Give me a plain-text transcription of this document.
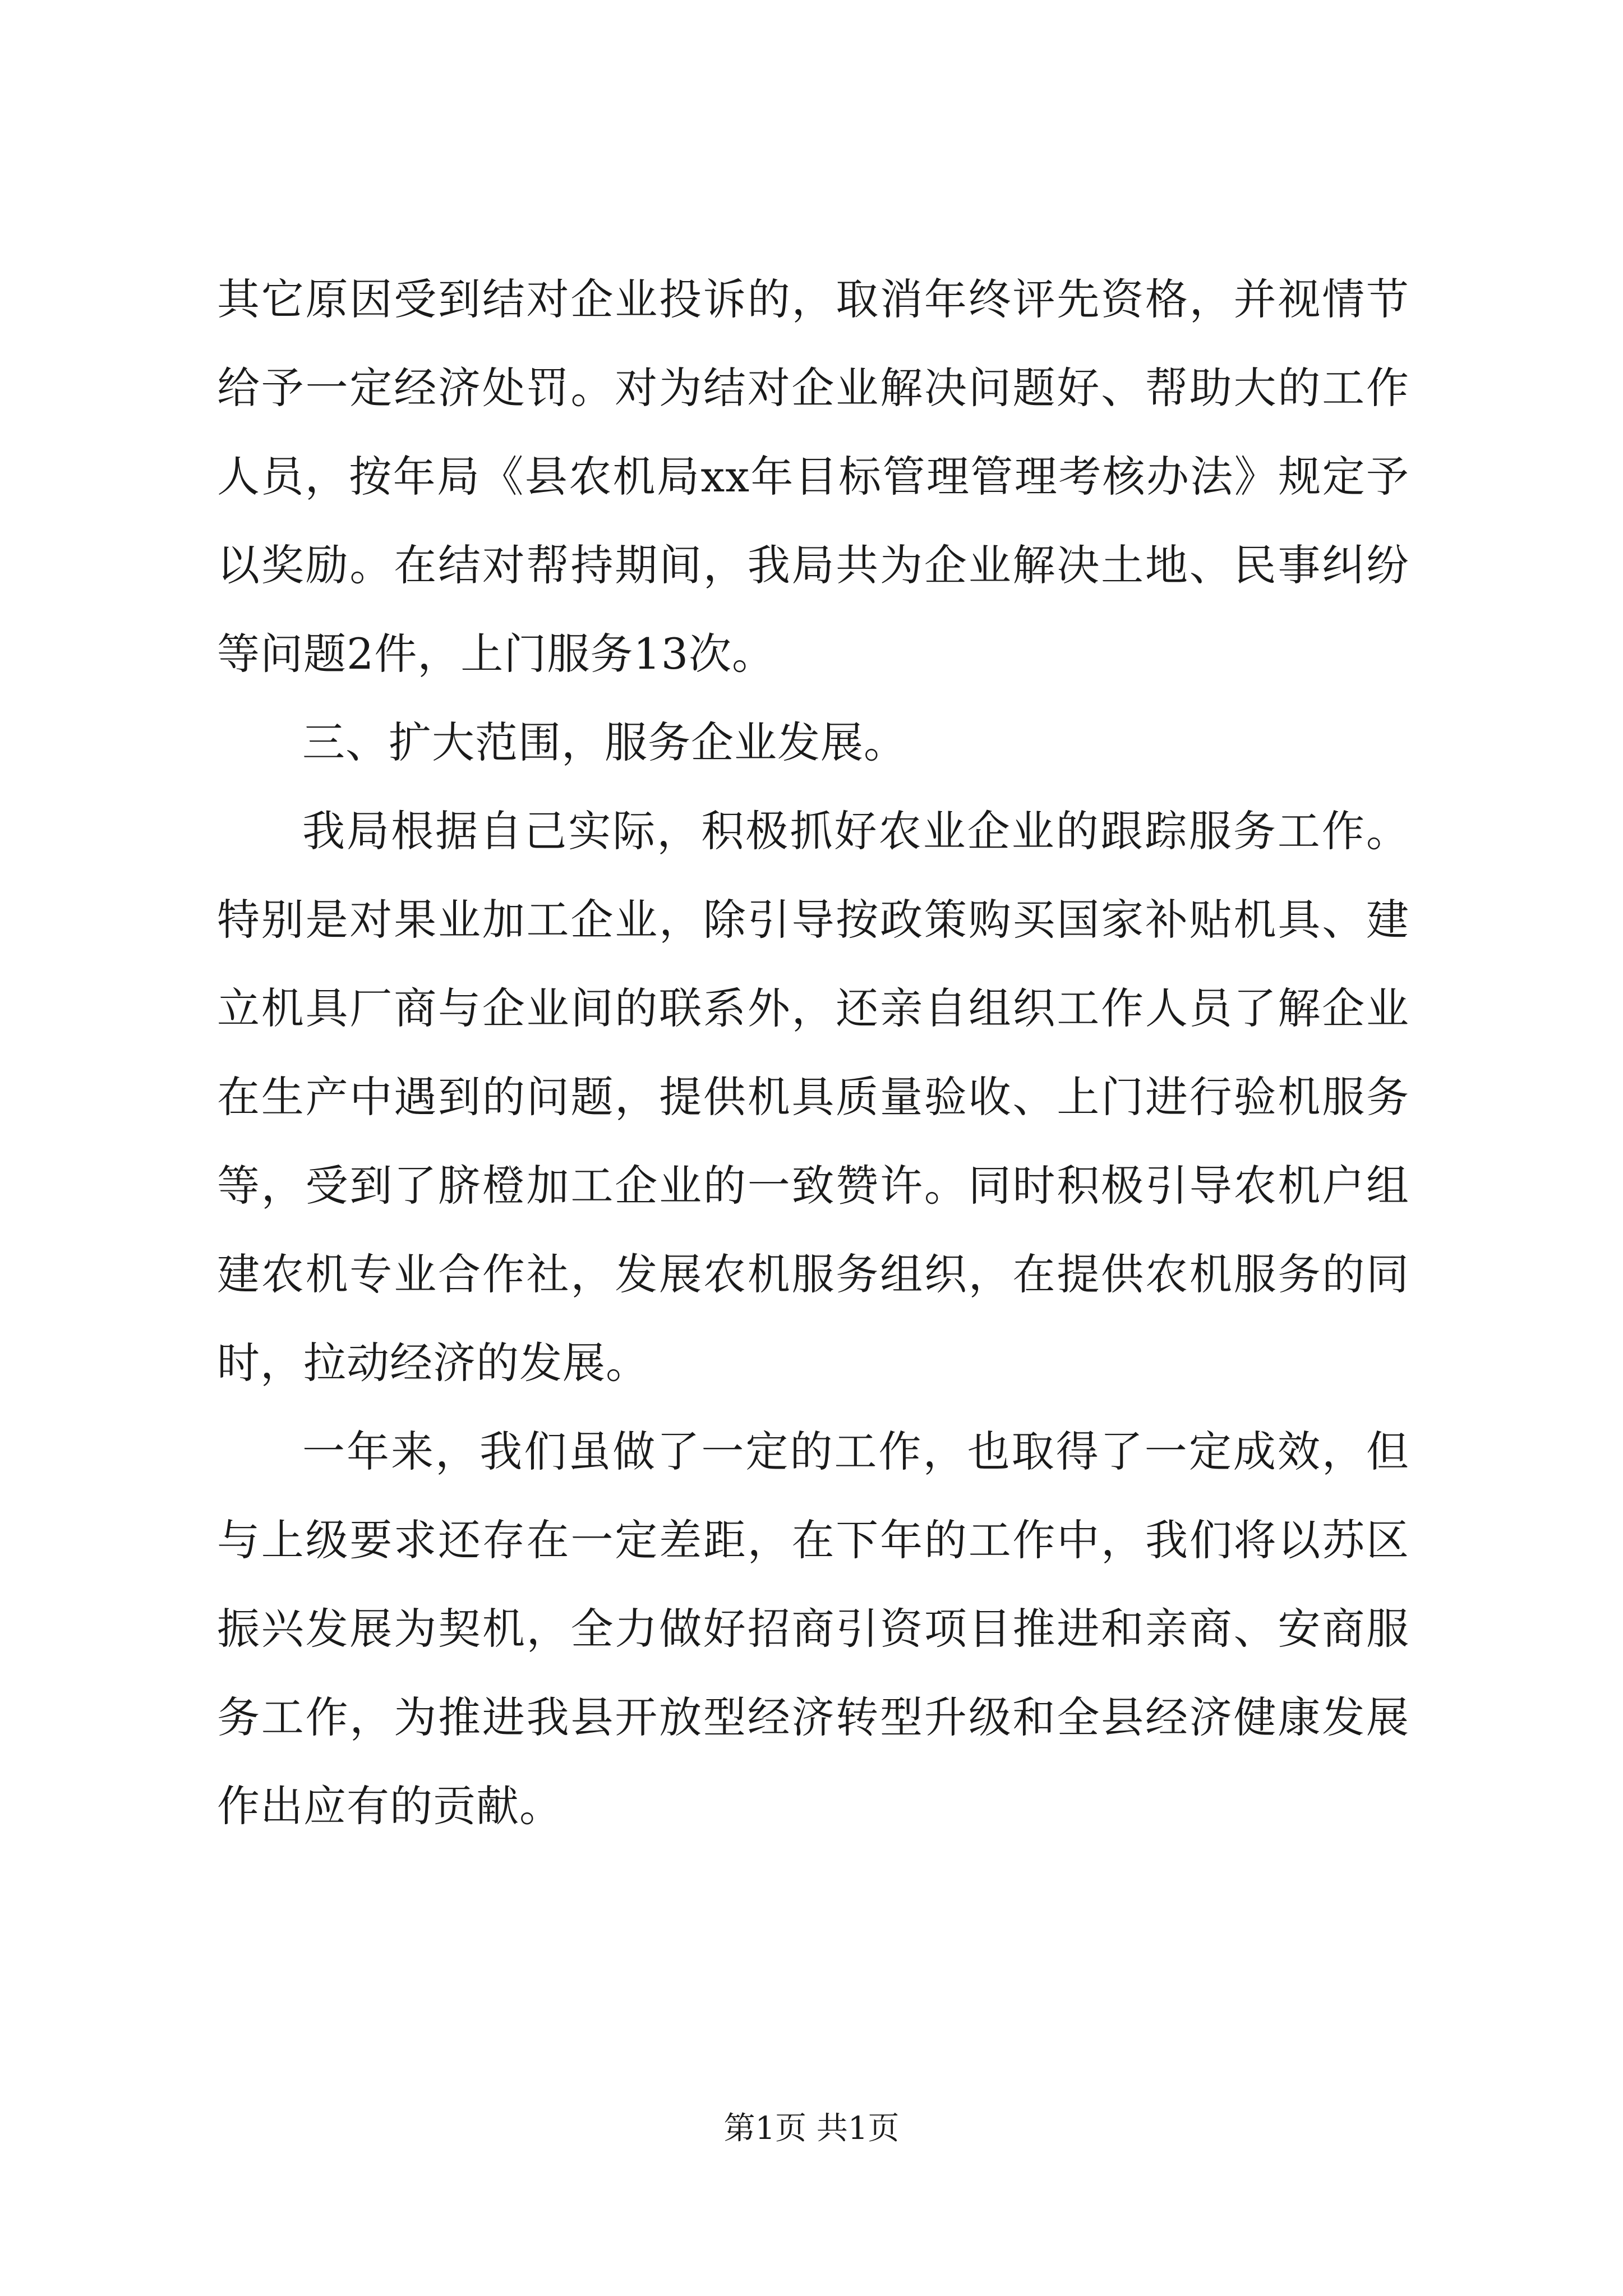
其它原因受到结对企业投诉的，取消年终评先资格，并视情节给予一定经济处罚。对为结对企业解决问题好、帮助大的工作人员，按年局《县农机局xx年目标管理管理考核办法》规定予以奖励。在结对帮持期间，我局共为企业解决土地、民事纠纷等问题2件，上门服务13次。

三、扩大范围，服务企业发展。

我局根据自己实际，积极抓好农业企业的跟踪服务工作。特别是对果业加工企业，除引导按政策购买国家补贴机具、建立机具厂商与企业间的联系外，还亲自组织工作人员了解企业在生产中遇到的问题，提供机具质量验收、上门进行验机服务等，受到了脐橙加工企业的一致赞许。同时积极引导农机户组建农机专业合作社，发展农机服务组织，在提供农机服务的同时，拉动经济的发展。

一年来，我们虽做了一定的工作，也取得了一定成效，但与上级要求还存在一定差距，在下年的工作中，我们将以苏区振兴发展为契机，全力做好招商引资项目推进和亲商、安商服务工作，为推进我县开放型经济转型升级和全县经济健康发展作出应有的贡献。

第1页 共1页
